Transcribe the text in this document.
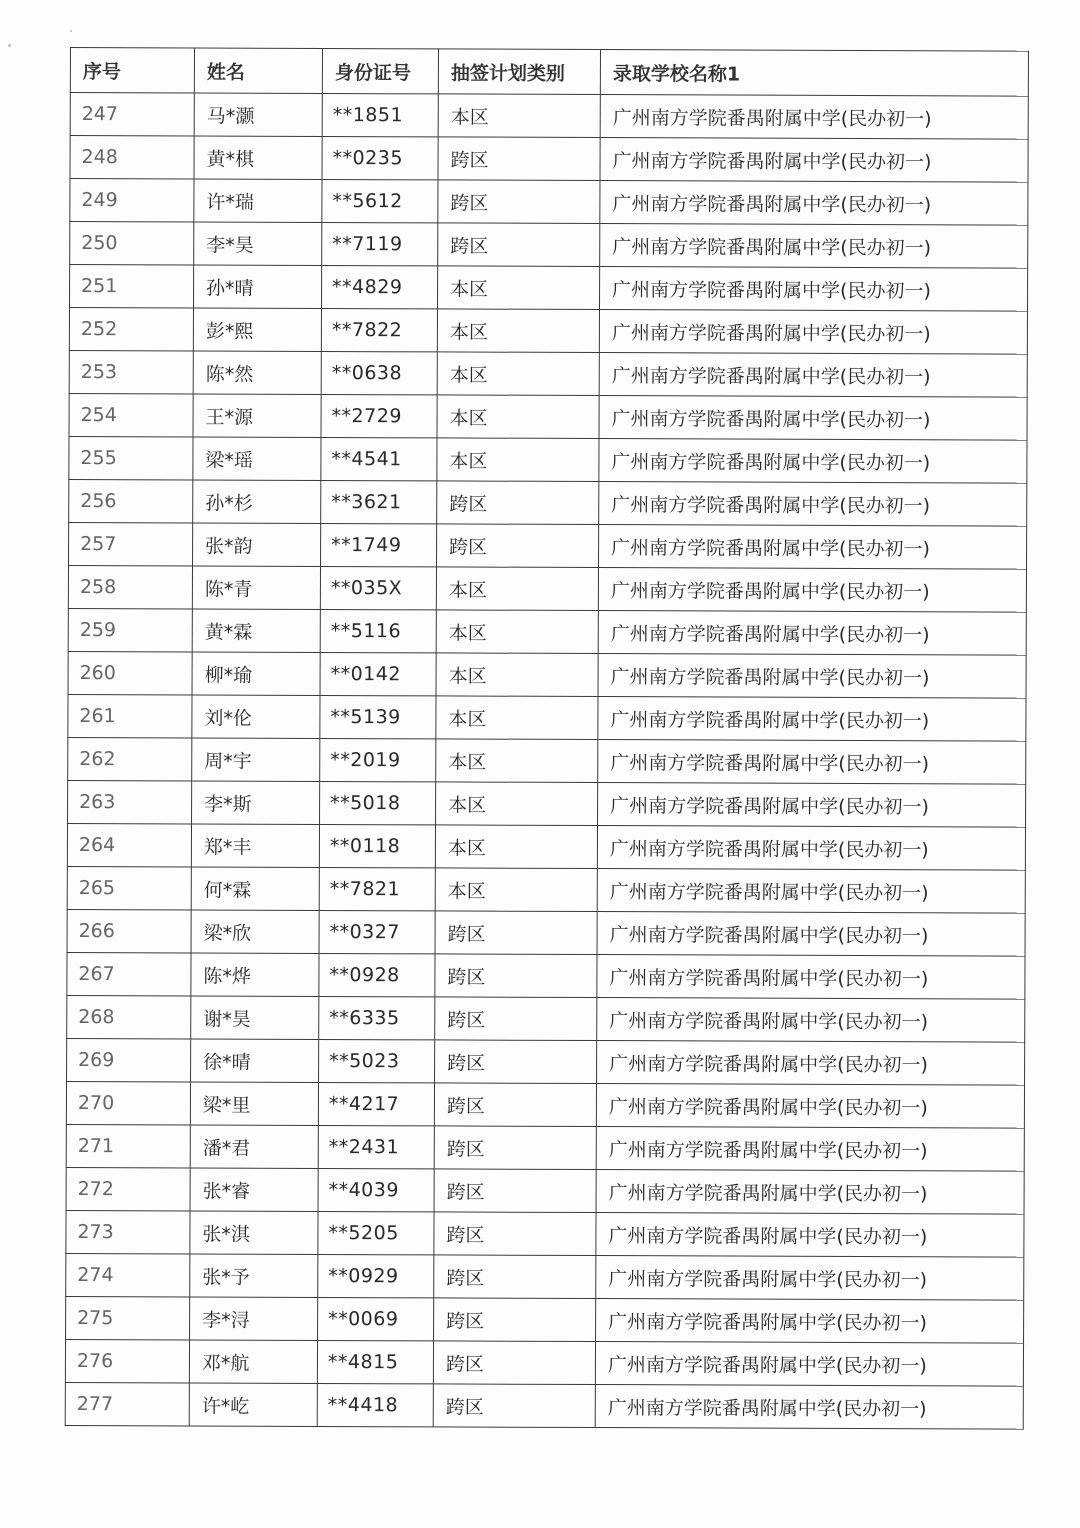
序号	姓名	身份证号	抽签计划类别	录取学校名称1
247	马*灏	**1851	本区	广州南方学院番禺附属中学(民办初一)
248	黄*棋	**0235	跨区	广州南方学院番禺附属中学(民办初一)
249	许*瑞	**5612	跨区	广州南方学院番禺附属中学(民办初一)
250	李*昊	**7119	跨区	广州南方学院番禺附属中学(民办初一)
251	孙*晴	**4829	本区	广州南方学院番禺附属中学(民办初一)
252	彭*熙	**7822	本区	广州南方学院番禺附属中学(民办初一)
253	陈*然	**0638	本区	广州南方学院番禺附属中学(民办初一)
254	王*源	**2729	本区	广州南方学院番禺附属中学(民办初一)
255	梁*瑶	**4541	本区	广州南方学院番禺附属中学(民办初一)
256	孙*杉	**3621	跨区	广州南方学院番禺附属中学(民办初一)
257	张*韵	**1749	跨区	广州南方学院番禺附属中学(民办初一)
258	陈*青	**035X	本区	广州南方学院番禺附属中学(民办初一)
259	黄*霖	**5116	本区	广州南方学院番禺附属中学(民办初一)
260	柳*瑜	**0142	本区	广州南方学院番禺附属中学(民办初一)
261	刘*伦	**5139	本区	广州南方学院番禺附属中学(民办初一)
262	周*宇	**2019	本区	广州南方学院番禺附属中学(民办初一)
263	李*斯	**5018	本区	广州南方学院番禺附属中学(民办初一)
264	郑*丰	**0118	本区	广州南方学院番禺附属中学(民办初一)
265	何*霖	**7821	本区	广州南方学院番禺附属中学(民办初一)
266	梁*欣	**0327	跨区	广州南方学院番禺附属中学(民办初一)
267	陈*烨	**0928	跨区	广州南方学院番禺附属中学(民办初一)
268	谢*昊	**6335	跨区	广州南方学院番禺附属中学(民办初一)
269	徐*晴	**5023	跨区	广州南方学院番禺附属中学(民办初一)
270	梁*里	**4217	跨区	广州南方学院番禺附属中学(民办初一)
271	潘*君	**2431	跨区	广州南方学院番禺附属中学(民办初一)
272	张*睿	**4039	跨区	广州南方学院番禺附属中学(民办初一)
273	张*淇	**5205	跨区	广州南方学院番禺附属中学(民办初一)
274	张*予	**0929	跨区	广州南方学院番禺附属中学(民办初一)
275	李*浔	**0069	跨区	广州南方学院番禺附属中学(民办初一)
276	邓*航	**4815	跨区	广州南方学院番禺附属中学(民办初一)
277	许*屹	**4418	跨区	广州南方学院番禺附属中学(民办初一)
